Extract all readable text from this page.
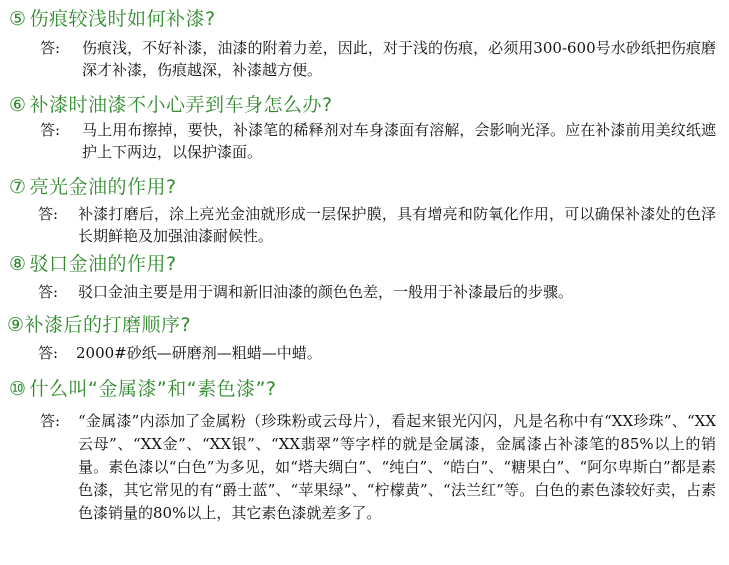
⑤ 伤痕较浅时如何补漆?
答: 伤痕浅，不好补漆，油漆的附着力差，因此，对于浅的伤痕，必须用300-600号水砂纸把伤痕磨深才补漆，伤痕越深，补漆越方便。
⑥ 补漆时油漆不小心弄到车身怎么办?
答: 马上用布擦掉，要快，补漆笔的稀释剂对车身漆面有溶解，会影响光泽。应在补漆前用美纹纸遮护上下两边，以保护漆面。
⑦ 亮光金油的作用?
答: 补漆打磨后，涂上亮光金油就形成一层保护膜，具有增亮和防氧化作用，可以确保补漆处的色泽长期鲜艳及加强油漆耐候性。
⑧ 驳口金油的作用?
答: 驳口金油主要是用于调和新旧油漆的颜色色差，一般用于补漆最后的步骤。
⑨补漆后的打磨顺序?
答: 2000#砂纸—研磨剂—粗蜡—中蜡。
⑩ 什么叫“金属漆”和“素色漆”?
答: “金属漆”内添加了金属粉（珍珠粉或云母片），看起来银光闪闪，凡是名称中有“XX珍珠”、“XX云母”、“XX金”、“XX银”、“XX翡翠”等字样的就是金属漆，金属漆占补漆笔的85%以上的销量。素色漆以“白色”为多见，如“塔夫绸白”、“纯白”、“皓白”、“糖果白”、“阿尔卑斯白”都是素色漆，其它常见的有“爵士蓝”、“苹果绿”、“柠檬黄”、“法兰红”等。白色的素色漆较好卖，占素色漆销量的80%以上，其它素色漆就差多了。
